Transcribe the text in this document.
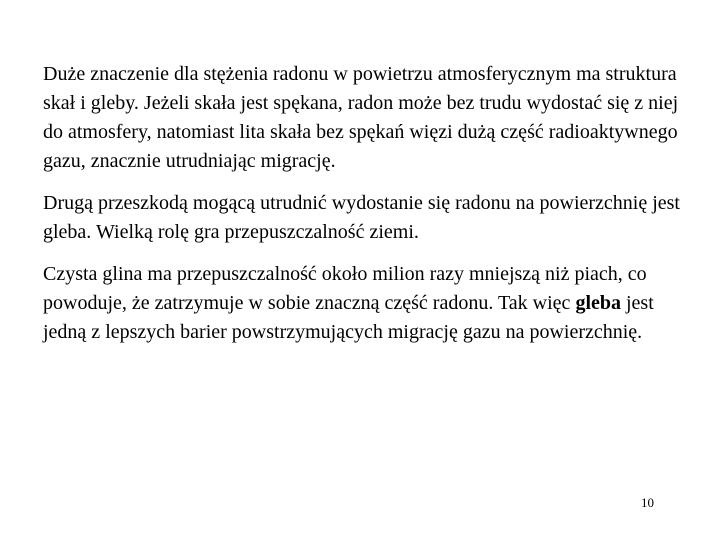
Duże znaczenie dla stężenia radonu w powietrzu atmosferycznym ma struktura skał i gleby. Jeżeli skała jest spękana, radon może bez trudu wydostać się z niej do atmosfery, natomiast lita skała bez spękań więzi dużą część radioaktywnego gazu, znacznie utrudniając migrację.

Drugą przeszkodą mogącą utrudnić wydostanie się radonu na powierzchnię jest gleba. Wielką rolę gra przepuszczalność ziemi.

Czysta glina ma przepuszczalność około milion razy mniejszą niż piach, co powoduje, że zatrzymuje w sobie znaczną część radonu. Tak więc gleba jest jedną z lepszych barier powstrzymujących migrację gazu na powierzchnię.

10
